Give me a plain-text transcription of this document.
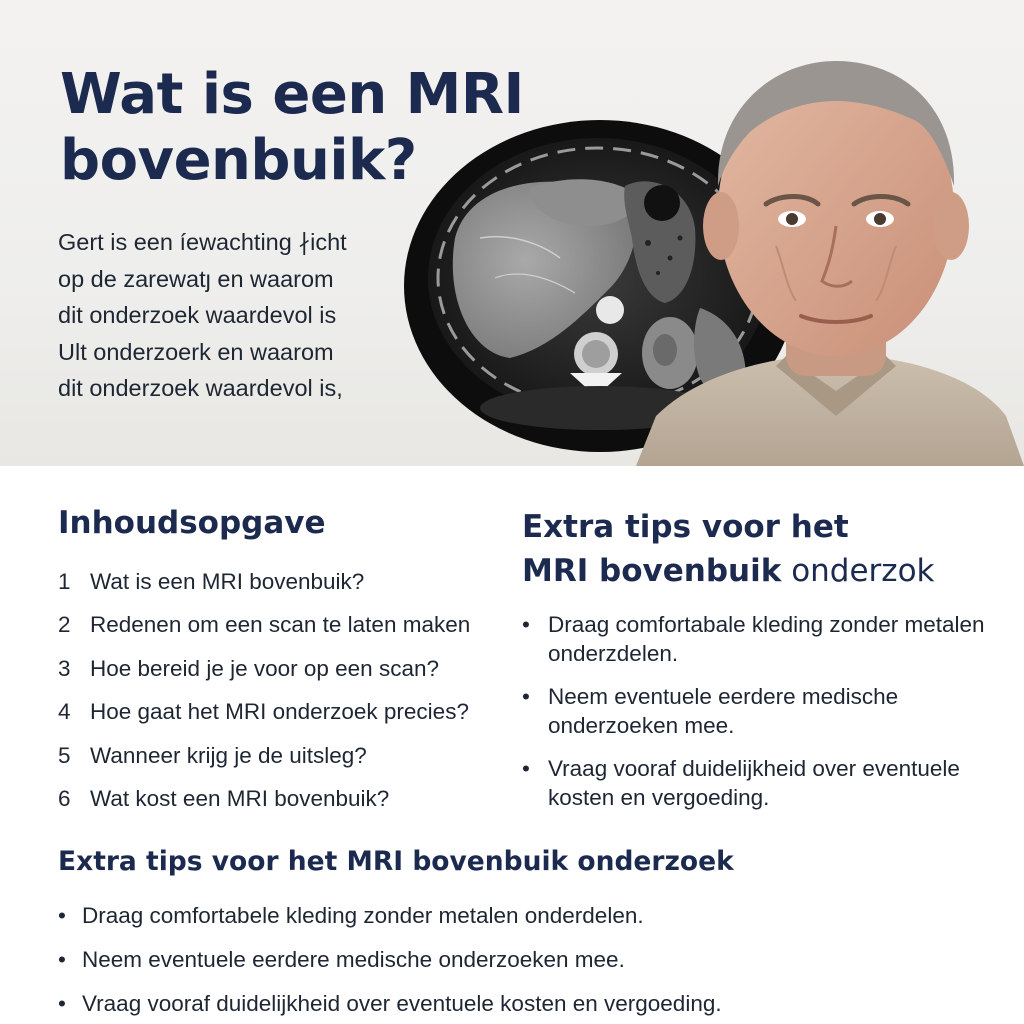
Wat is een MRI
bovenbuik?
Gert is een íewachting ∤icht
op de zarewatȷ en waarom
dit onderzoek waardevol is
Ult onderzoerk en waarom
dit onderzoek waardevol is,
Inhoudsopgave
1 Wat is een MRI bovenbuik?
2 Redenen om een scan te laten maken
3 Hoe bereid je je voor op een scan?
4 Hoe gaat het MRI onderzoek precies?
5 Wanneer krijg je de uitsleg?
6 Wat kost een MRI bovenbuik?
Extra tips voor het
MRI bovenbuik onderzok
• Draag comfortabale kleding zonder metalen onderzdelen.
• Neem eventuele eerdere medische onderzoeken mee.
• Vraag vooraf duidelijkheid over eventuele kosten en vergoeding.
Extra tips voor het MRI bovenbuik onderzoek
• Draag comfortabele kleding zonder metalen onderdelen.
• Neem eventuele eerdere medische onderzoeken mee.
• Vraag vooraf duidelijkheid over eventuele kosten en vergoeding.
